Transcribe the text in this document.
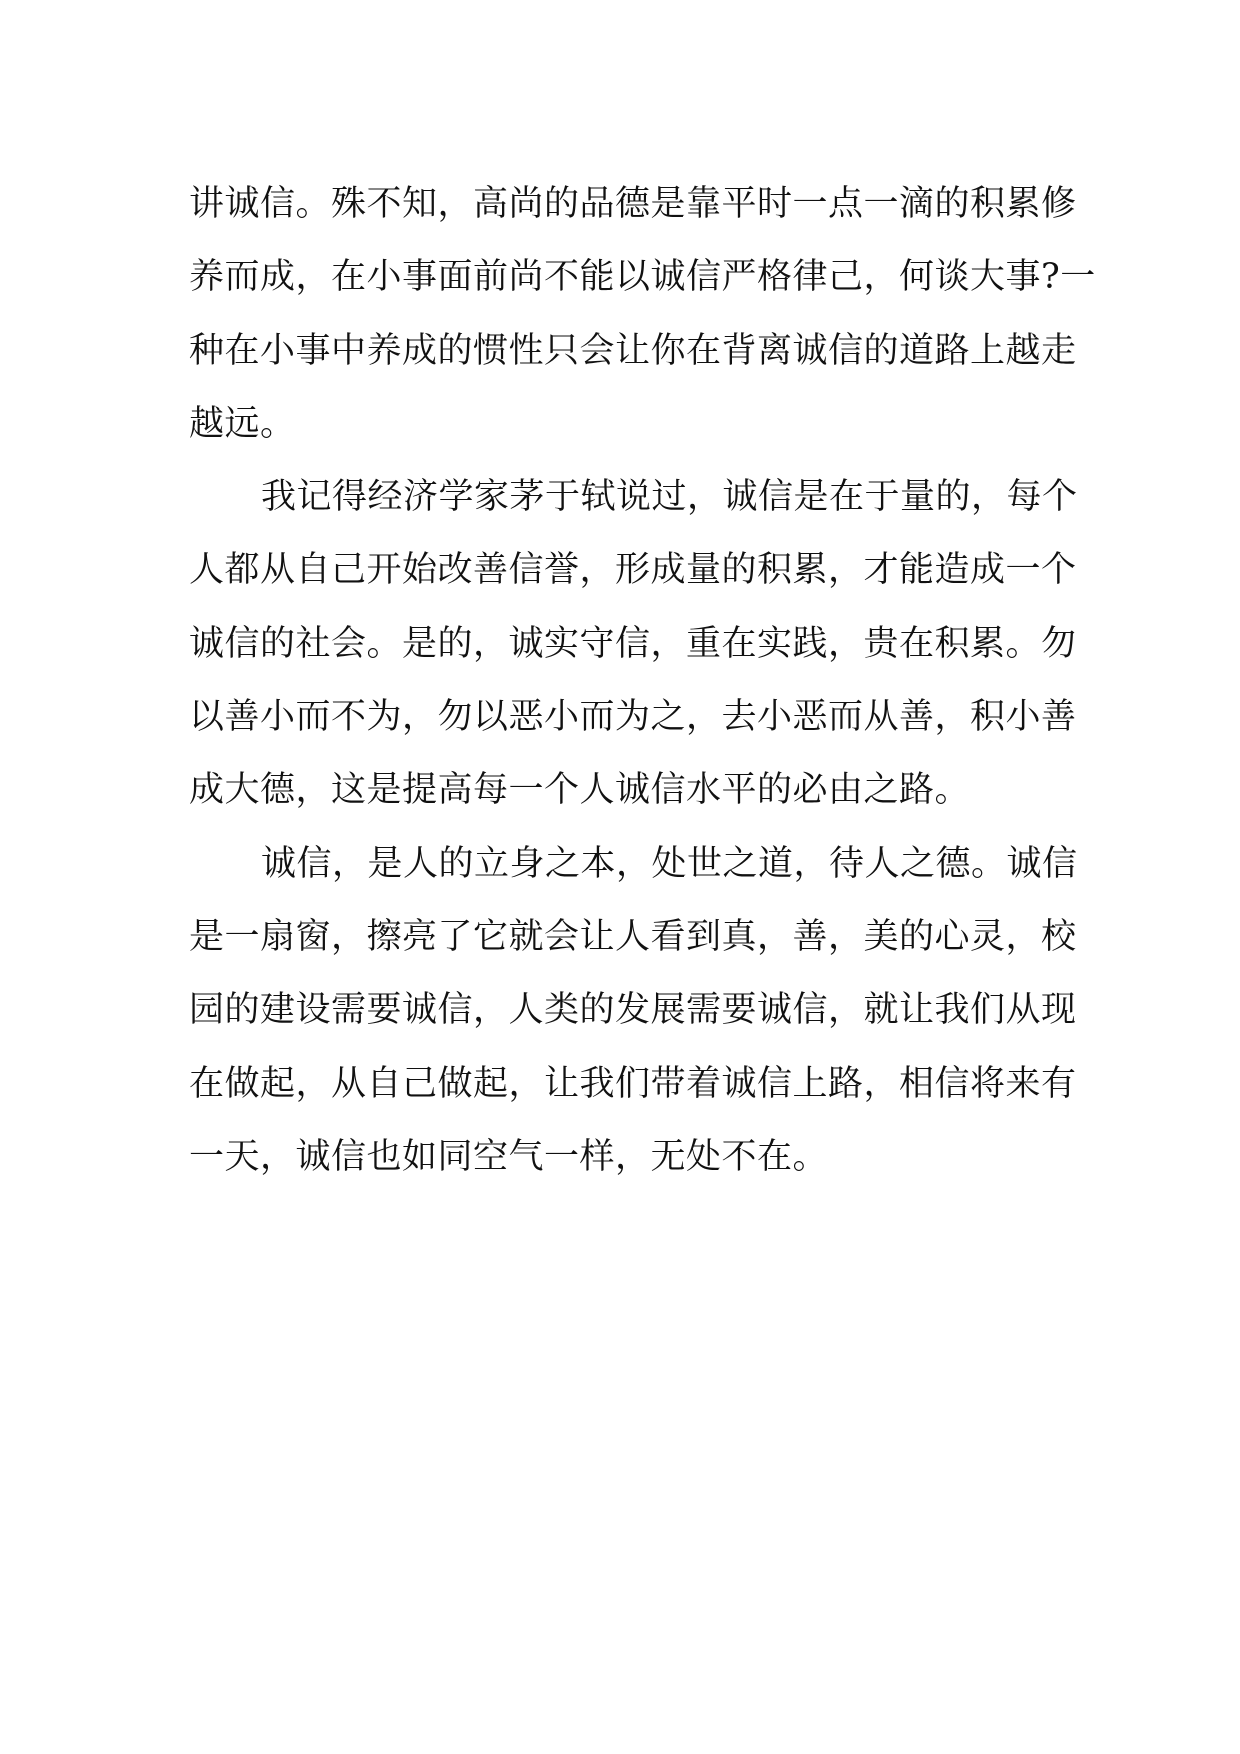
讲诚信。殊不知，高尚的品德是靠平时一点一滴的积累修
养而成，在小事面前尚不能以诚信严格律己，何谈大事?一
种在小事中养成的惯性只会让你在背离诚信的道路上越走
越远。

我记得经济学家茅于轼说过，诚信是在于量的，每个
人都从自己开始改善信誉，形成量的积累，才能造成一个
诚信的社会。是的，诚实守信，重在实践，贵在积累。勿
以善小而不为，勿以恶小而为之，去小恶而从善，积小善
成大德，这是提高每一个人诚信水平的必由之路。

诚信，是人的立身之本，处世之道，待人之德。诚信
是一扇窗，擦亮了它就会让人看到真，善，美的心灵，校
园的建设需要诚信，人类的发展需要诚信，就让我们从现
在做起，从自己做起，让我们带着诚信上路，相信将来有
一天，诚信也如同空气一样，无处不在。
